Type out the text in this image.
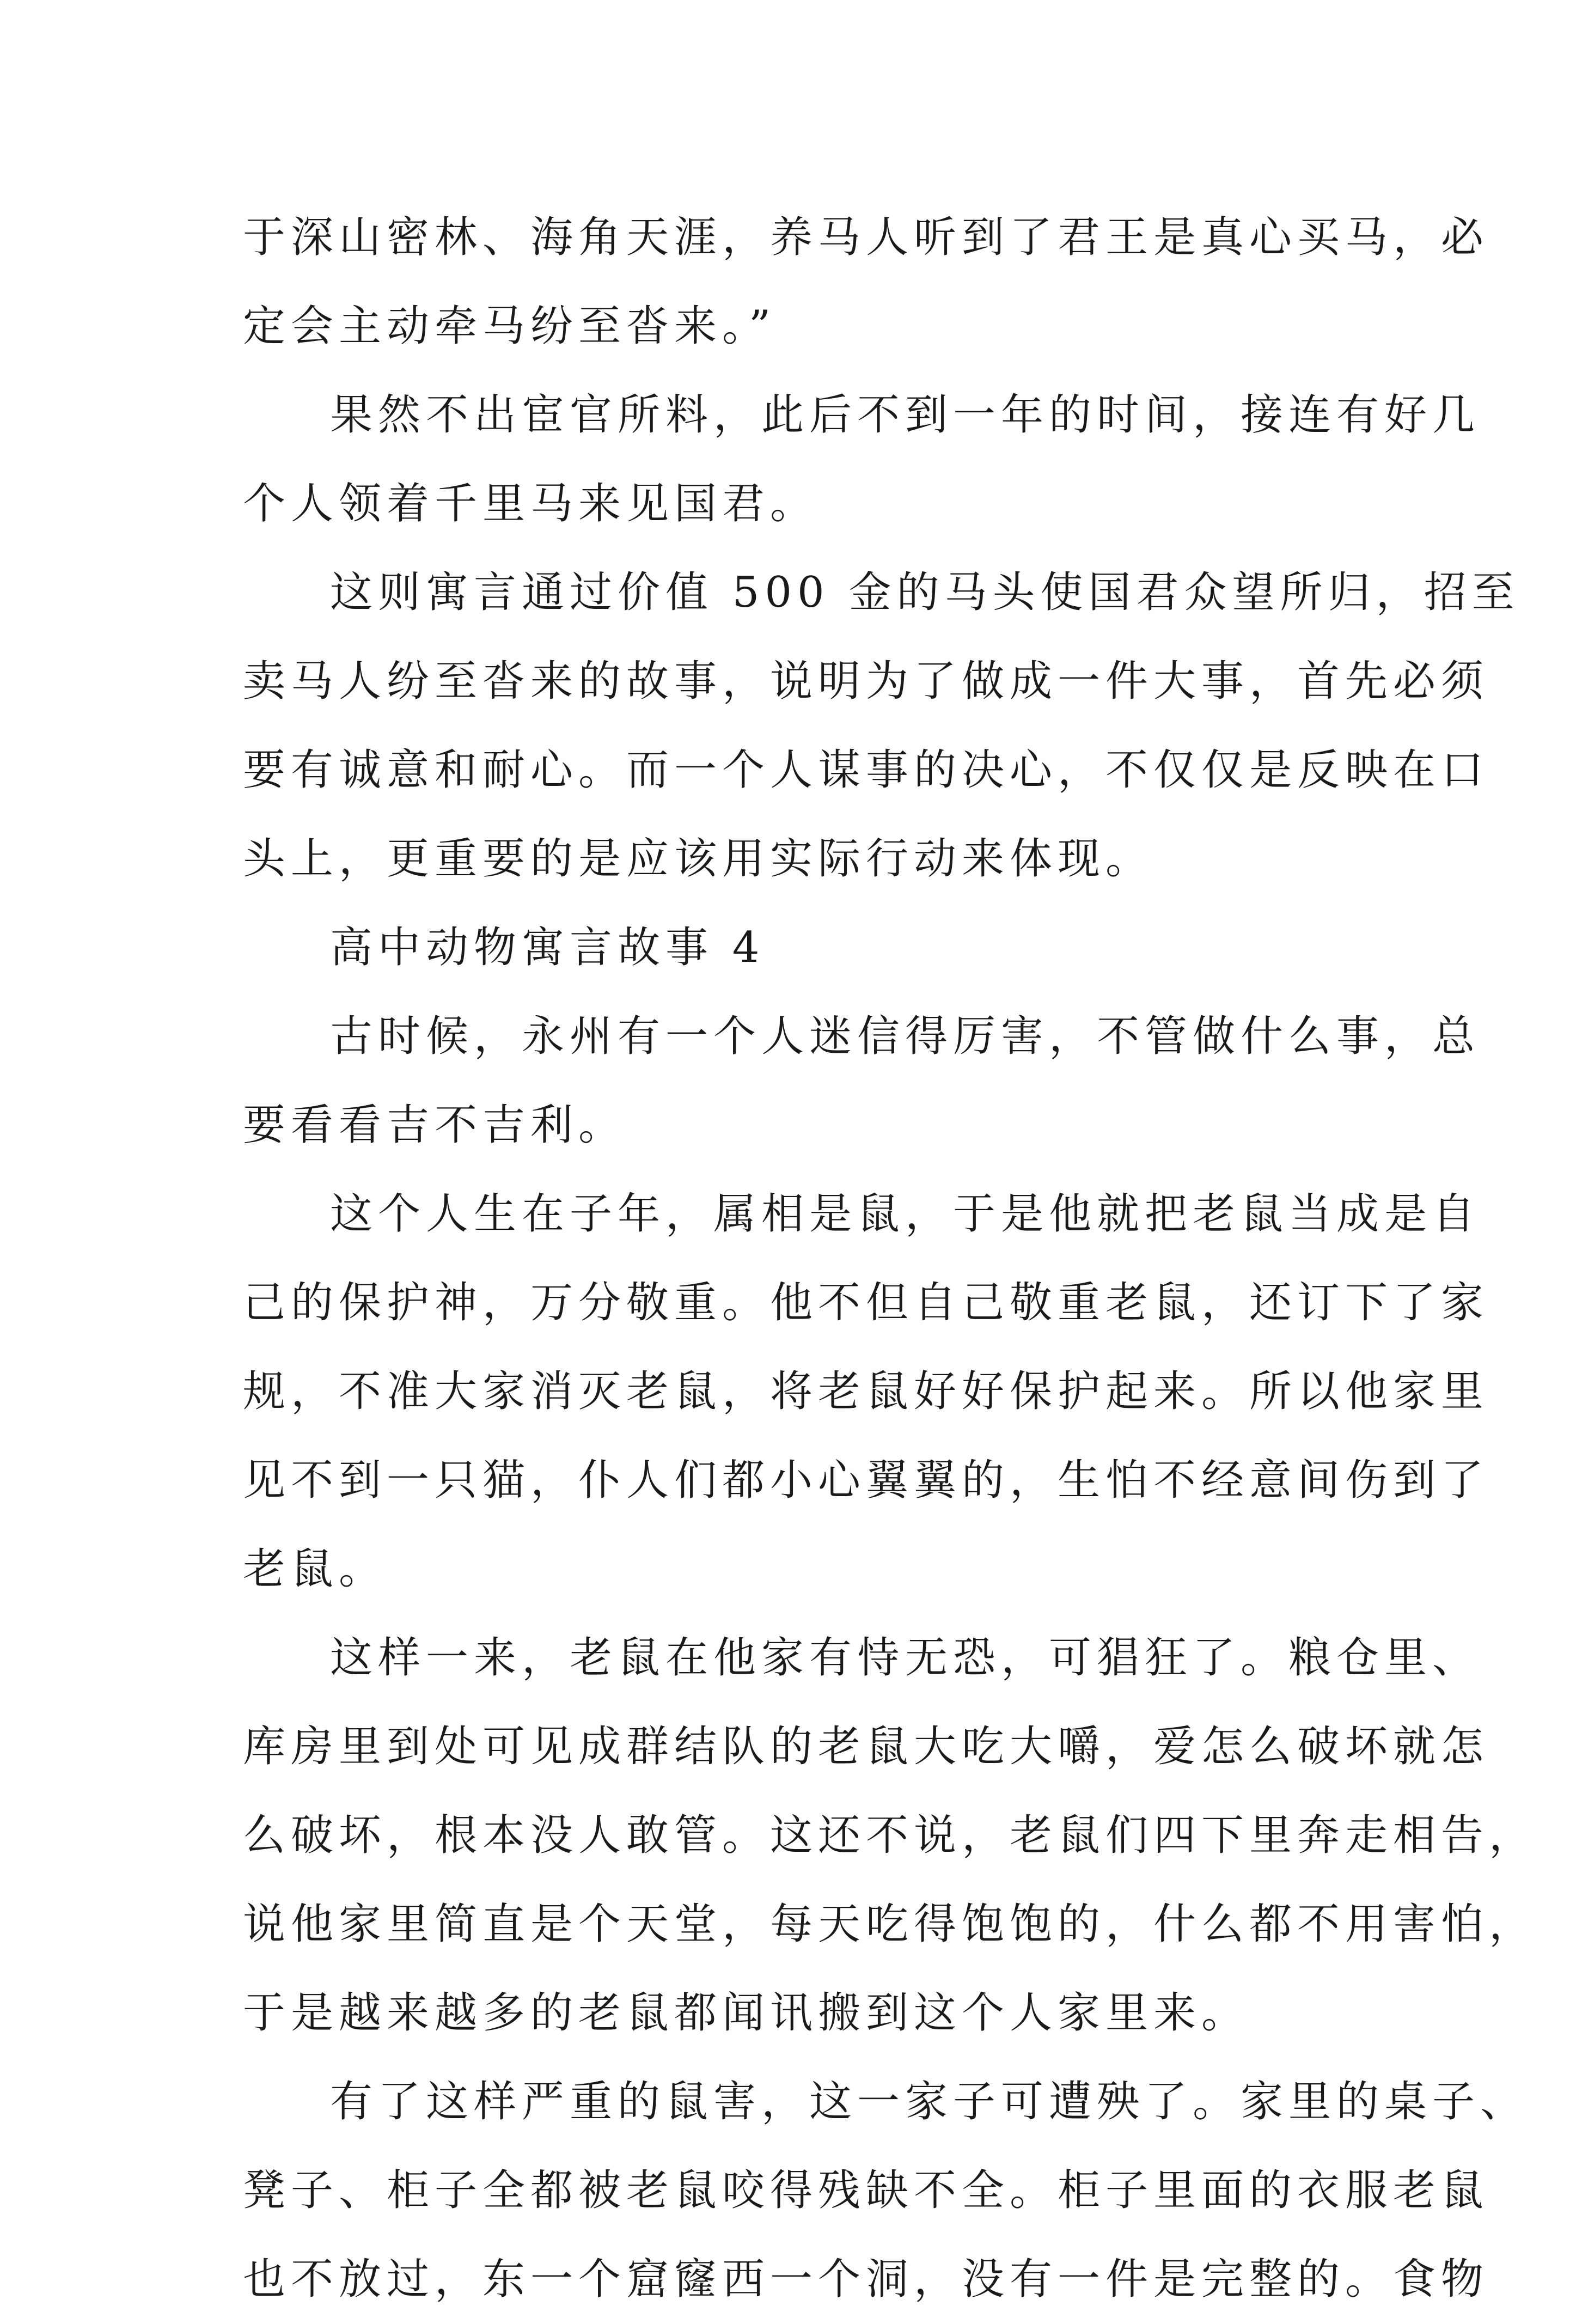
于深山密林、海角天涯，养马人听到了君王是真心买马，必
定会主动牵马纷至沓来。”
果然不出宦官所料，此后不到一年的时间，接连有好几
个人领着千里马来见国君。
这则寓言通过价值 500 金的马头使国君众望所归，招至
卖马人纷至沓来的故事，说明为了做成一件大事，首先必须
要有诚意和耐心。而一个人谋事的决心，不仅仅是反映在口
头上，更重要的是应该用实际行动来体现。
高中动物寓言故事 4
古时候，永州有一个人迷信得厉害，不管做什么事，总
要看看吉不吉利。
这个人生在子年，属相是鼠，于是他就把老鼠当成是自
己的保护神，万分敬重。他不但自己敬重老鼠，还订下了家
规，不准大家消灭老鼠，将老鼠好好保护起来。所以他家里
见不到一只猫，仆人们都小心翼翼的，生怕不经意间伤到了
老鼠。
这样一来，老鼠在他家有恃无恐，可猖狂了。粮仓里、
库房里到处可见成群结队的老鼠大吃大嚼，爱怎么破坏就怎
么破坏，根本没人敢管。这还不说，老鼠们四下里奔走相告，
说他家里简直是个天堂，每天吃得饱饱的，什么都不用害怕，
于是越来越多的老鼠都闻讯搬到这个人家里来。
有了这样严重的鼠害，这一家子可遭殃了。家里的桌子、
凳子、柜子全都被老鼠咬得残缺不全。柜子里面的衣服老鼠
也不放过，东一个窟窿西一个洞，没有一件是完整的。食物
